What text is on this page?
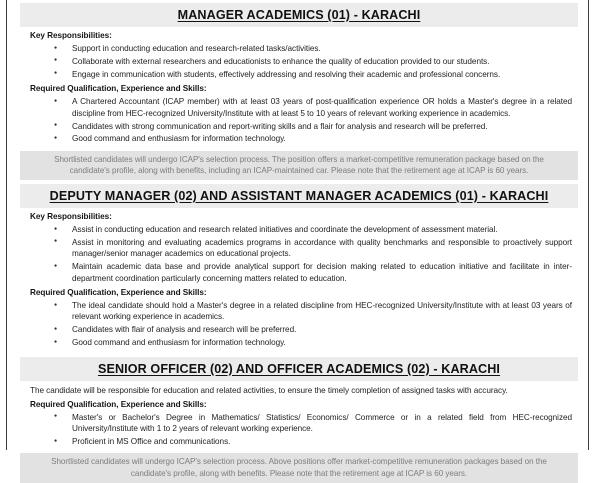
MANAGER ACADEMICS (01) - KARACHI
Key Responsibilities:
● Support in conducting education and research-related tasks/activities.
● Collaborate with external researchers and educationists to enhance the quality of education provided to our students.
● Engage in communication with students, effectively addressing and resolving their academic and professional concerns.
Required Qualification, Experience and Skills:
● A Chartered Accountant (ICAP member) with at least 03 years of post-qualification experience OR holds a Master's degree in a related discipline from HEC-recognized University/Institute with at least 5 to 10 years of relevant working experience in academics.
● Candidates with strong communication and report-writing skills and a flair for analysis and research will be preferred.
● Good command and enthusiasm for information technology.
Shortlisted candidates will undergo ICAP's selection process. The position offers a market-competitive remuneration package based on the candidate's profile, along with benefits, including an ICAP-maintained car. Please note that the retirement age at ICAP is 60 years.
DEPUTY MANAGER (02) AND ASSISTANT MANAGER ACADEMICS (01) - KARACHI
Key Responsibilities:
● Assist in conducting education and research related initiatives and coordinate the development of assessment material.
● Assist in monitoring and evaluating academics programs in accordance with quality benchmarks and responsible to proactively support manager/senior manager academics on educational projects.
● Maintain academic data base and provide analytical support for decision making related to education initiative and facilitate in inter-department coordination particularly concerning matters related to education.
Required Qualification, Experience and Skills:
● The ideal candidate should hold a Master's degree in a related discipline from HEC-recognized University/Institute with at least 03 years of relevant working experience in academics.
● Candidates with flair of analysis and research will be preferred.
● Good command and enthusiasm for information technology.
SENIOR OFFICER (02) AND OFFICER ACADEMICS (02) - KARACHI
The candidate will be responsible for education and related activities, to ensure the timely completion of assigned tasks with accuracy.
Required Qualification, Experience and Skills:
● Master's or Bachelor's Degree in Mathematics/ Statistics/ Economics/ Commerce or in a related field from HEC-recognized University/Institute with 1 to 2 years of relevant working experience.
● Proficient in MS Office and communications.
Shortlisted candidates will undergo ICAP's selection process. Above positions offer market-competitive remuneration packages based on the candidate's profile, along with benefits. Please note that the retirement age at ICAP is 60 years.
